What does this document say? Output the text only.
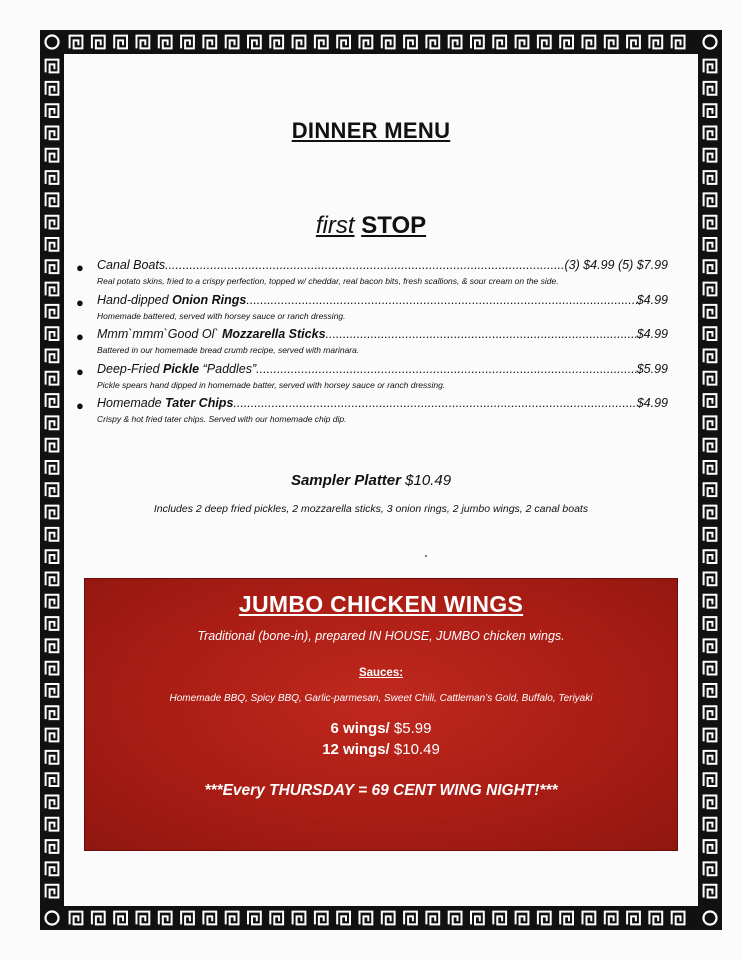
DINNER MENU
first STOP
● Canal Boats .....	(3) $4.99 (5) $7.99
Real potato skins, fried to a crispy perfection, topped w/ cheddar, real bacon bits, fresh scallions, & sour cream on the side.
● Hand-dipped Onion Rings .....	$4.99
Homemade battered, served with horsey sauce or ranch dressing.
● Mmm`mmm`Good Ol` Mozzarella Sticks .....	$4.99
Battered in our homemade bread crumb recipe, served with marinara.
● Deep-Fried Pickle “Paddles” .....	$5.99
Pickle spears hand dipped in homemade batter, served with horsey sauce or ranch dressing.
● Homemade Tater Chips .....	$4.99
Crispy & hot fried tater chips. Served with our homemade chip dip.
Sampler Platter $10.49
Includes 2 deep fried pickles, 2 mozzarella sticks, 3 onion rings, 2 jumbo wings, 2 canal boats
JUMBO CHICKEN WINGS
Traditional (bone-in), prepared IN HOUSE, JUMBO chicken wings.
Sauces:
Homemade BBQ, Spicy BBQ, Garlic-parmesan, Sweet Chili, Cattleman’s Gold, Buffalo, Teriyaki
6 wings/ $5.99
12 wings/ $10.49
***Every THURSDAY = 69 CENT WING NIGHT!***
